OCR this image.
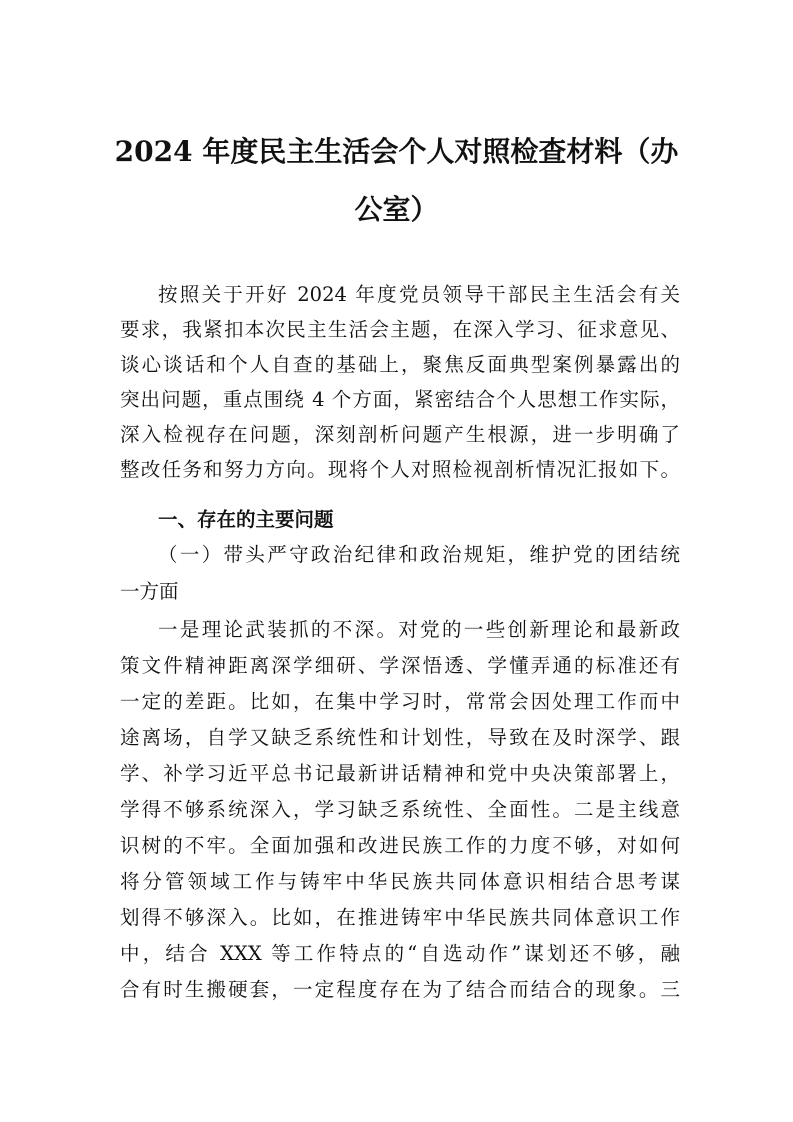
2024 年度民主生活会个人对照检查材料（办
公室）

按照关于开好 2024 年度党员领导干部民主生活会有关

要求，我紧扣本次民主生活会主题，在深入学习、征求意见、

谈心谈话和个人自查的基础上，聚焦反面典型案例暴露出的

突出问题，重点围绕 4 个方面，紧密结合个人思想工作实际，

深入检视存在问题，深刻剖析问题产生根源，进一步明确了

整改任务和努力方向。现将个人对照检视剖析情况汇报如下。

一、存在的主要问题

（一）带头严守政治纪律和政治规矩，维护党的团结统

一方面

一是理论武装抓的不深。对党的一些创新理论和最新政

策文件精神距离深学细研、学深悟透、学懂弄通的标准还有

一定的差距。比如，在集中学习时，常常会因处理工作而中

途离场，自学又缺乏系统性和计划性，导致在及时深学、跟

学、补学习近平总书记最新讲话精神和党中央决策部署上，

学得不够系统深入，学习缺乏系统性、全面性。二是主线意

识树的不牢。全面加强和改进民族工作的力度不够，对如何

将分管领域工作与铸牢中华民族共同体意识相结合思考谋

划得不够深入。比如，在推进铸牢中华民族共同体意识工作

中，结合 XXX 等工作特点的“自选动作”谋划还不够，融

合有时生搬硬套，一定程度存在为了结合而结合的现象。三
